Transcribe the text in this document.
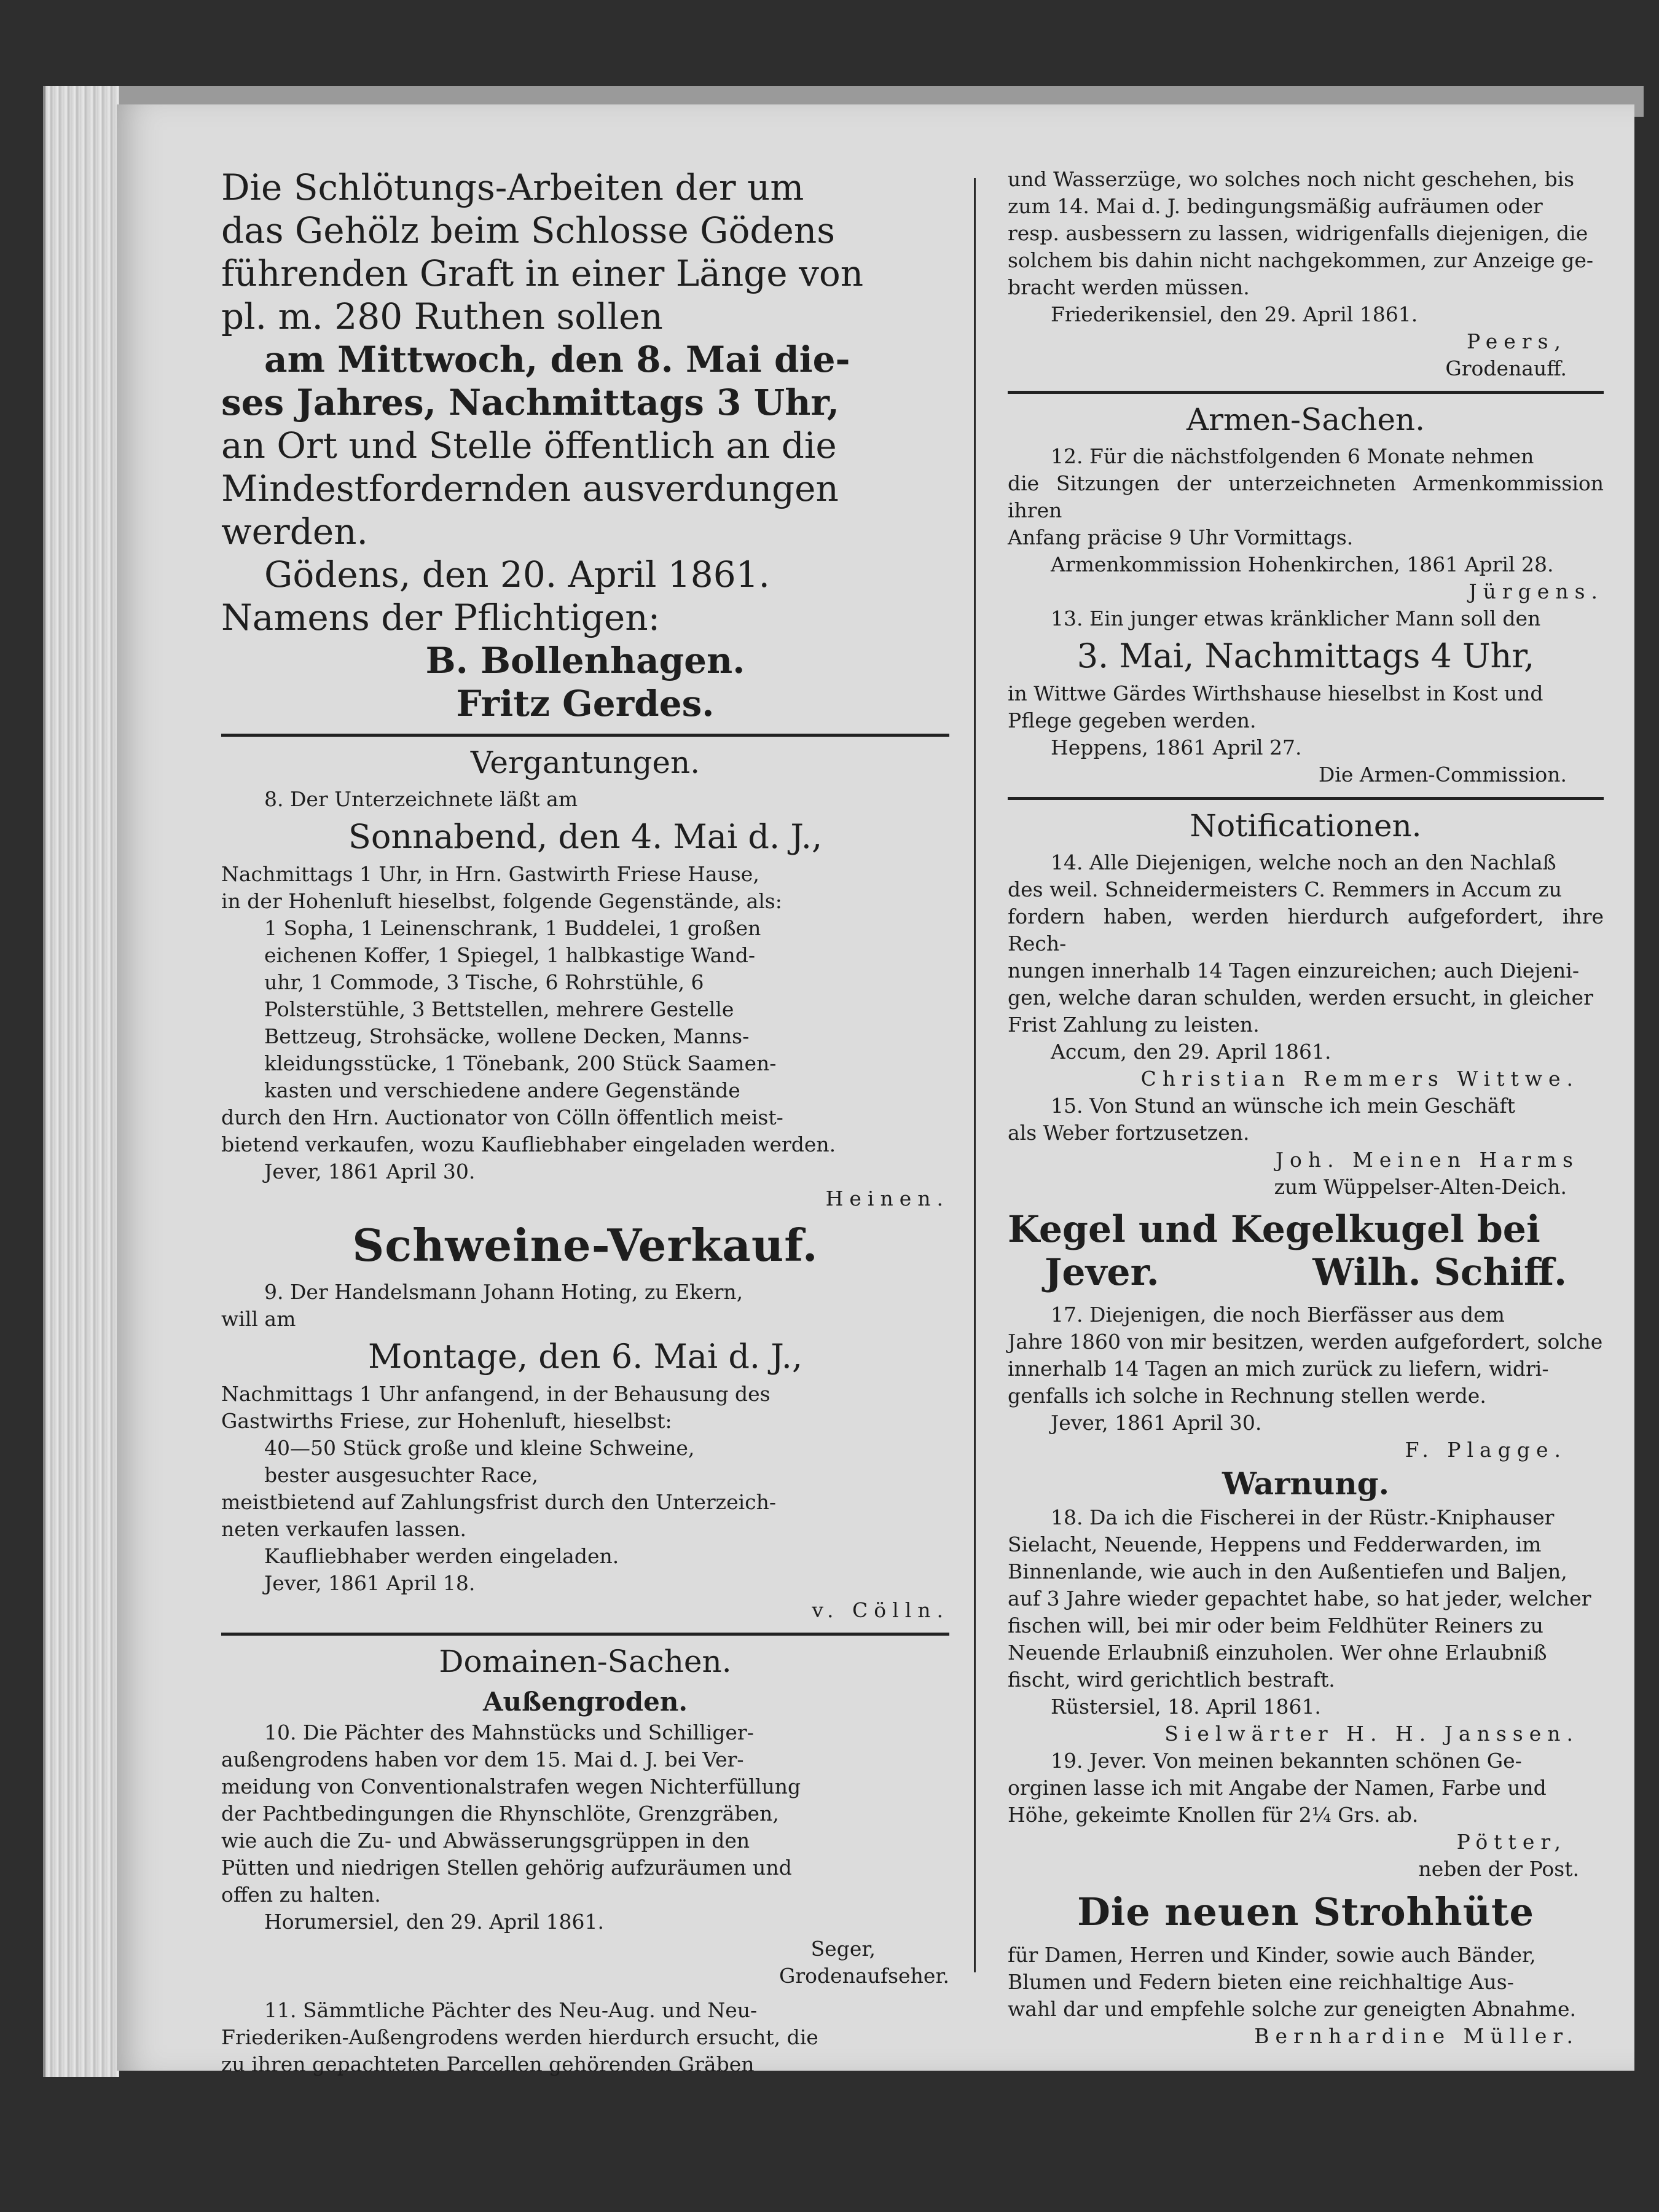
Die Schlötungs-Arbeiten der um

das Gehölz beim Schlosse Gödens

führenden Graft in einer Länge von

pl. m. 280 Ruthen sollen

am Mittwoch, den 8. Mai die-

ses Jahres, Nachmittags 3 Uhr,

an Ort und Stelle öffentlich an die

Mindestfordernden ausverdungen

werden.

Gödens, den 20. April 1861.

Namens der Pflichtigen:

B. Bollenhagen.

Fritz Gerdes.

Vergantungen.

8. Der Unterzeichnete läßt am

Sonnabend, den 4. Mai d. J.,

Nachmittags 1 Uhr, in Hrn. Gastwirth Friese Hause,

in der Hohenluft hieselbst, folgende Gegenstände, als:

1 Sopha, 1 Leinenschrank, 1 Buddelei, 1 großen

eichenen Koffer, 1 Spiegel, 1 halbkastige Wand-

uhr, 1 Commode, 3 Tische, 6 Rohrstühle, 6

Polsterstühle, 3 Bettstellen, mehrere Gestelle

Bettzeug, Strohsäcke, wollene Decken, Manns-

kleidungsstücke, 1 Tönebank, 200 Stück Saamen-

kasten und verschiedene andere Gegenstände

durch den Hrn. Auctionator von Cölln öffentlich meist-

bietend verkaufen, wozu Kaufliebhaber eingeladen werden.

Jever, 1861 April 30.

Heinen.

Schweine-Verkauf.

9. Der Handelsmann Johann Hoting, zu Ekern,

will am

Montage, den 6. Mai d. J.,

Nachmittags 1 Uhr anfangend, in der Behausung des

Gastwirths Friese, zur Hohenluft, hieselbst:

40—50 Stück große und kleine Schweine,

bester ausgesuchter Race,

meistbietend auf Zahlungsfrist durch den Unterzeich-

neten verkaufen lassen.

Kaufliebhaber werden eingeladen.

Jever, 1861 April 18.

v. Cölln.

Domainen-Sachen.

Außengroden.

10. Die Pächter des Mahnstücks und Schilliger-

außengrodens haben vor dem 15. Mai d. J. bei Ver-

meidung von Conventionalstrafen wegen Nichterfüllung

der Pachtbedingungen die Rhynschlöte, Grenzgräben,

wie auch die Zu- und Abwässerungsgrüppen in den

Pütten und niedrigen Stellen gehörig aufzuräumen und

offen zu halten.

Horumersiel, den 29. April 1861.

Seger,

Grodenaufseher.

11. Sämmtliche Pächter des Neu-Aug. und Neu-

Friederiken-Außengrodens werden hierdurch ersucht, die

zu ihren gepachteten Parcellen gehörenden Gräben

und Wasserzüge, wo solches noch nicht geschehen, bis

zum 14. Mai d. J. bedingungsmäßig aufräumen oder

resp. ausbessern zu lassen, widrigenfalls diejenigen, die

solchem bis dahin nicht nachgekommen, zur Anzeige ge-

bracht werden müssen.

Friederikensiel, den 29. April 1861.

Peers,

Grodenauff.

Armen-Sachen.

12. Für die nächstfolgenden 6 Monate nehmen

die Sitzungen der unterzeichneten Armenkommission ihren

Anfang präcise 9 Uhr Vormittags.

Armenkommission Hohenkirchen, 1861 April 28.

Jürgens.

13. Ein junger etwas kränklicher Mann soll den

3. Mai, Nachmittags 4 Uhr,

in Wittwe Gärdes Wirthshause hieselbst in Kost und

Pflege gegeben werden.

Heppens, 1861 April 27.

Die Armen-Commission.

Notificationen.

14. Alle Diejenigen, welche noch an den Nachlaß

des weil. Schneidermeisters C. Remmers in Accum zu

fordern haben, werden hierdurch aufgefordert, ihre Rech-

nungen innerhalb 14 Tagen einzureichen; auch Diejeni-

gen, welche daran schulden, werden ersucht, in gleicher

Frist Zahlung zu leisten.

Accum, den 29. April 1861.

Christian Remmers Wittwe.

15. Von Stund an wünsche ich mein Geschäft

als Weber fortzusetzen.

Joh. Meinen Harms

zum Wüppelser-Alten-Deich.

Kegel und Kegelkugel bei

Jever.	Wilh. Schiff.

17. Diejenigen, die noch Bierfässer aus dem

Jahre 1860 von mir besitzen, werden aufgefordert, solche

innerhalb 14 Tagen an mich zurück zu liefern, widri-

genfalls ich solche in Rechnung stellen werde.

Jever, 1861 April 30.

F. Plagge.

Warnung.

18. Da ich die Fischerei in der Rüstr.-Kniphauser

Sielacht, Neuende, Heppens und Fedderwarden, im

Binnenlande, wie auch in den Außentiefen und Baljen,

auf 3 Jahre wieder gepachtet habe, so hat jeder, welcher

fischen will, bei mir oder beim Feldhüter Reiners zu

Neuende Erlaubniß einzuholen. Wer ohne Erlaubniß

fischt, wird gerichtlich bestraft.

Rüstersiel, 18. April 1861.

Sielwärter H. H. Janssen.

19. Jever. Von meinen bekannten schönen Ge-

orginen lasse ich mit Angabe der Namen, Farbe und

Höhe, gekeimte Knollen für 2¼ Grs. ab.

Pötter,

neben der Post.

Die neuen Strohhüte

für Damen, Herren und Kinder, sowie auch Bänder,

Blumen und Federn bieten eine reichhaltige Aus-

wahl dar und empfehle solche zur geneigten Abnahme.

Bernhardine Müller.
